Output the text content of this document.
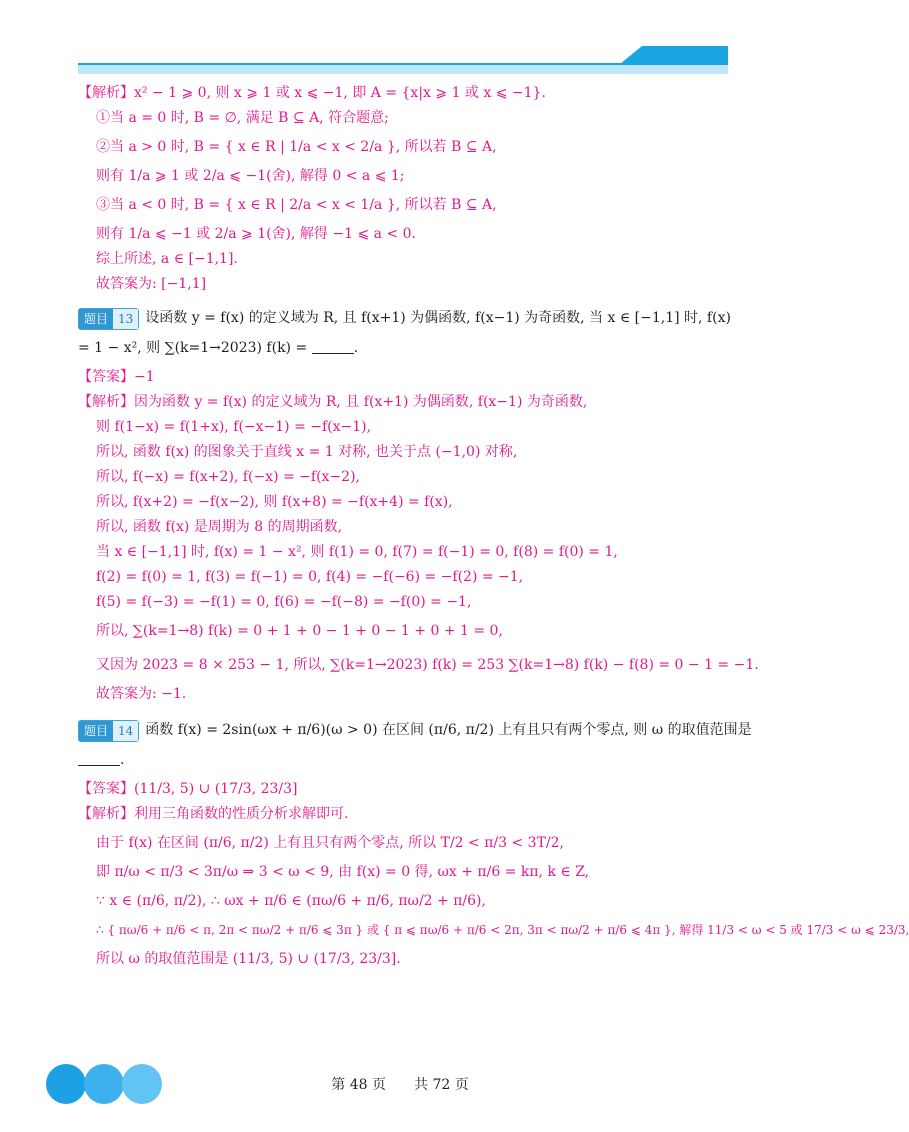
【解析】x² − 1 ⩾ 0, 则 x ⩾ 1 或 x ⩽ −1, 即 A = {x|x ⩾ 1 或 x ⩽ −1}.

①当 a = 0 时, B = ∅, 满足 B ⊆ A, 符合题意;

②当 a > 0 时, B = { x ∈ R | 1/a < x < 2/a }, 所以若 B ⊆ A,

则有 1/a ⩾ 1 或 2/a ⩽ −1(舍), 解得 0 < a ⩽ 1;

③当 a < 0 时, B = { x ∈ R | 2/a < x < 1/a }, 所以若 B ⊆ A,

则有 1/a ⩽ −1 或 2/a ⩾ 1(舍), 解得 −1 ⩽ a < 0.

综上所述, a ∈ [−1,1].

故答案为: [−1,1]

题目 13 设函数 y = f(x) 的定义域为 R, 且 f(x+1) 为偶函数, f(x−1) 为奇函数, 当 x ∈ [−1,1] 时, f(x)

= 1 − x², 则 ∑(k=1→2023) f(k) =	.

【答案】−1

【解析】因为函数 y = f(x) 的定义域为 R, 且 f(x+1) 为偶函数, f(x−1) 为奇函数,

则 f(1−x) = f(1+x), f(−x−1) = −f(x−1),

所以, 函数 f(x) 的图象关于直线 x = 1 对称, 也关于点 (−1,0) 对称,

所以, f(−x) = f(x+2), f(−x) = −f(x−2),

所以, f(x+2) = −f(x−2), 则 f(x+8) = −f(x+4) = f(x),

所以, 函数 f(x) 是周期为 8 的周期函数,

当 x ∈ [−1,1] 时, f(x) = 1 − x², 则 f(1) = 0, f(7) = f(−1) = 0, f(8) = f(0) = 1,

f(2) = f(0) = 1, f(3) = f(−1) = 0, f(4) = −f(−6) = −f(2) = −1,

f(5) = f(−3) = −f(1) = 0, f(6) = −f(−8) = −f(0) = −1,

所以, ∑(k=1→8) f(k) = 0 + 1 + 0 − 1 + 0 − 1 + 0 + 1 = 0,

又因为 2023 = 8 × 253 − 1, 所以, ∑(k=1→2023) f(k) = 253 ∑(k=1→8) f(k) − f(8) = 0 − 1 = −1.

故答案为: −1.

题目 14 函数 f(x) = 2sin(ωx + π/6)(ω > 0) 在区间 (π/6, π/2) 上有且只有两个零点, 则 ω 的取值范围是

.

【答案】(11/3, 5) ∪ (17/3, 23/3]

【解析】利用三角函数的性质分析求解即可.

由于 f(x) 在区间 (π/6, π/2) 上有且只有两个零点, 所以 T/2 < π/3 < 3T/2,

即 π/ω < π/3 < 3π/ω ⇒ 3 < ω < 9, 由 f(x) = 0 得, ωx + π/6 = kπ, k ∈ Z,

∵ x ∈ (π/6, π/2), ∴ ωx + π/6 ∈ (πω/6 + π/6, πω/2 + π/6),

∴ { πω/6 + π/6 < π, 2π < πω/2 + π/6 ⩽ 3π } 或 { π ⩽ πω/6 + π/6 < 2π, 3π < πω/2 + π/6 ⩽ 4π }, 解得 11/3 < ω < 5 或 17/3 < ω ⩽ 23/3,

所以 ω 的取值范围是 (11/3, 5) ∪ (17/3, 23/3].

第 48 页　　共 72 页
